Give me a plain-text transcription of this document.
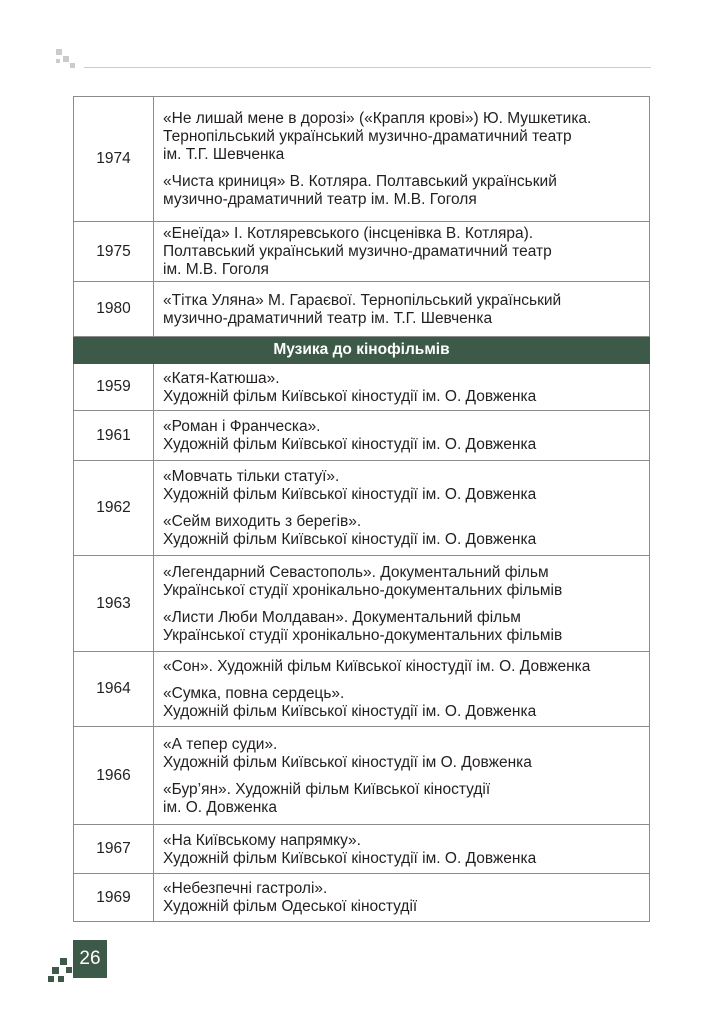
1974	«Не лишай мене в дорозі» («Крапля крові») Ю. Мушкетика.
Тернопільський український музично-драматичний театр
ім. Т.Г. Шевченка

«Чиста криниця» В. Котляра. Полтавський український
музично-драматичний театр ім. М.В. Гоголя

1975	«Енеїда» І. Котляревського (інсценівка В. Котляра).
Полтавський український музично-драматичний театр
ім. М.В. Гоголя

1980	«Тітка Уляна» М. Гараєвої. Тернопільський український
музично-драматичний театр ім. Т.Г. Шевченка

Музика до кінофільмів	
1959	«Катя-Катюша».
Художній фільм Київської кіностудії ім. О. Довженка

1961	«Роман і Франческа».
Художній фільм Київської кіностудії ім. О. Довженка

1962	«Мовчать тільки статуї».
Художній фільм Київської кіностудії ім. О. Довженка

«Сейм виходить з берегів».
Художній фільм Київської кіностудії ім. О. Довженка

1963	«Легендарний Севастополь». Документальний фільм
Української студії хронікально-документальних фільмів

«Листи Люби Молдаван». Документальний фільм
Української студії хронікально-документальних фільмів

1964	«Сон». Художній фільм Київської кіностудії ім. О. Довженка

«Сумка, повна сердець».
Художній фільм Київської кіностудії ім. О. Довженка

1966	«А тепер суди».
Художній фільм Київської кіностудії ім О. Довженка

«Бур’ян». Художній фільм Київської кіностудії
ім. О. Довженка

1967	«На Київському напрямку».
Художній фільм Київської кіностудії ім. О. Довженка

1969	«Небезпечні гастролі».
Художній фільм Одеської кіностудії

26
